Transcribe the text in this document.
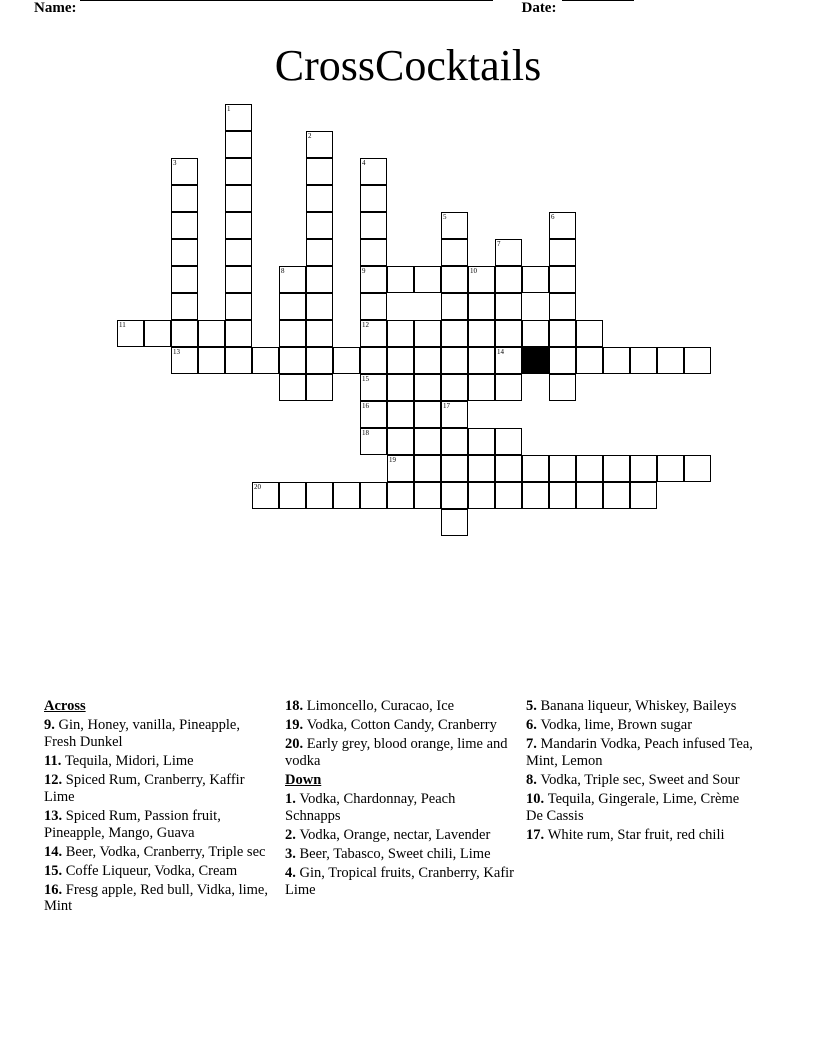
Name:	Date:
CrossCocktails
1
2
3	4
5	6
7
8	9	10
11	12
13	14
15
16	17
18
19
20
Across
9. Gin, Honey, vanilla, Pineapple, Fresh Dunkel
11. Tequila, Midori, Lime
12. Spiced Rum, Cranberry, Kaffir Lime
13. Spiced Rum, Passion fruit, Pineapple, Mango, Guava
14. Beer, Vodka, Cranberry, Triple sec
15. Coffe Liqueur, Vodka, Cream
16. Fresg apple, Red bull, Vidka, lime, Mint
18. Limoncello, Curacao, Ice
19. Vodka, Cotton Candy, Cranberry
20. Early grey, blood orange, lime and vodka
Down
1. Vodka, Chardonnay, Peach Schnapps
2. Vodka, Orange, nectar, Lavender
3. Beer, Tabasco, Sweet chili, Lime
4. Gin, Tropical fruits, Cranberry, Kafir Lime
5. Banana liqueur, Whiskey, Baileys
6. Vodka, lime, Brown sugar
7. Mandarin Vodka, Peach infused Tea, Mint, Lemon
8. Vodka, Triple sec, Sweet and Sour
10. Tequila, Gingerale, Lime, Crème De Cassis
17. White rum, Star fruit, red chili
